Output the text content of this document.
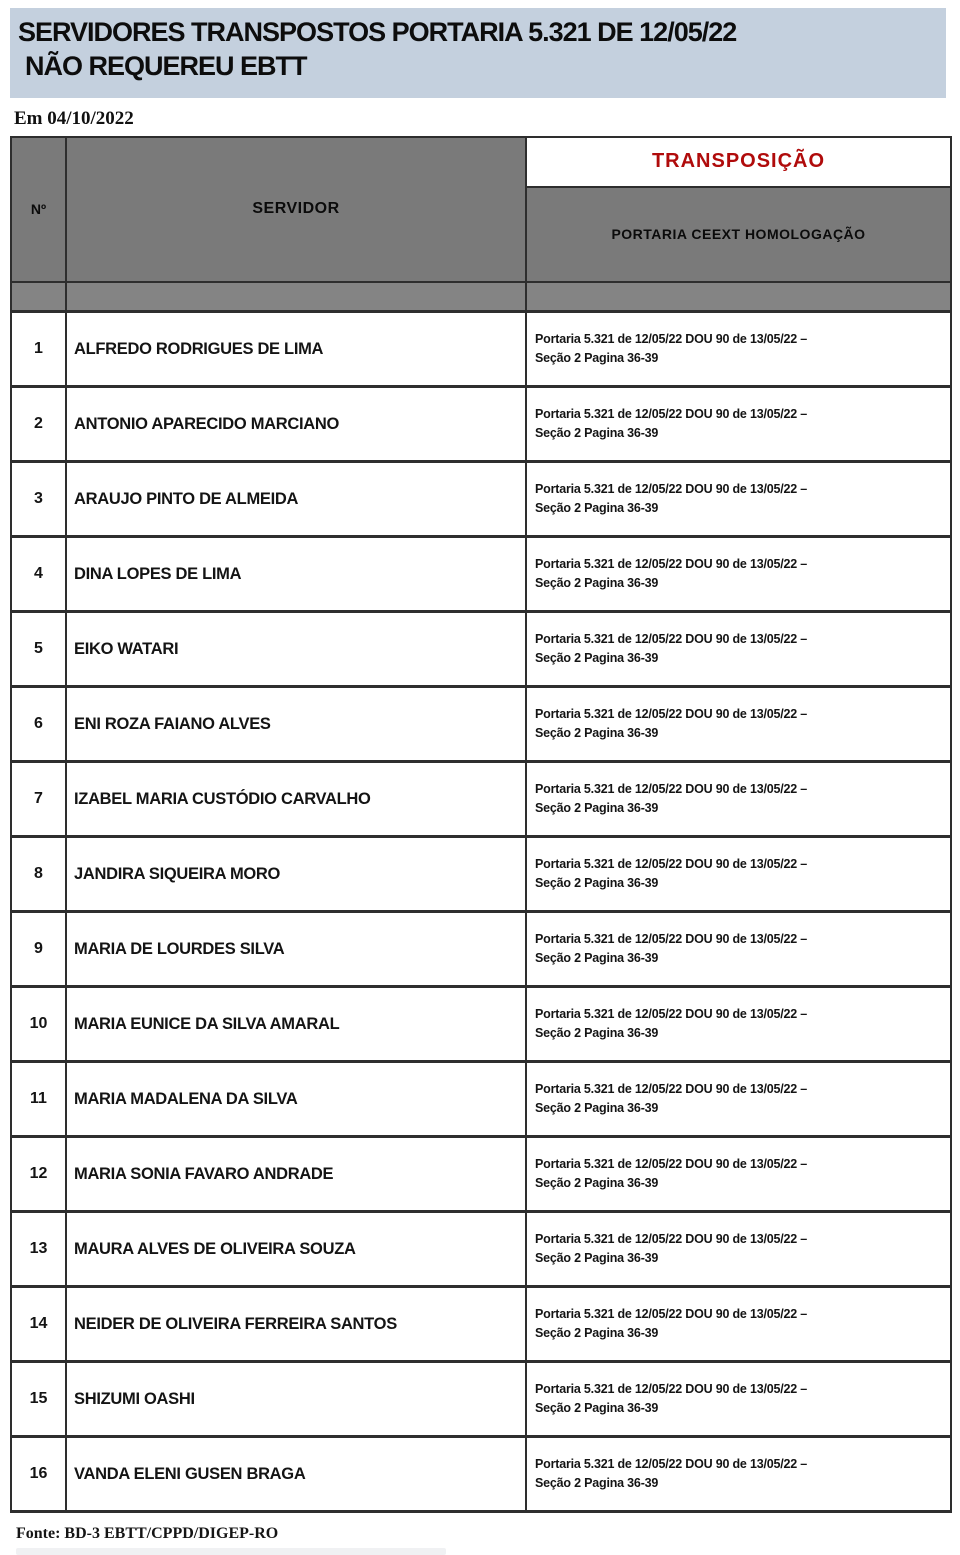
SERVIDORES TRANSPOSTOS PORTARIA 5.321 DE 12/05/22
NÃO REQUEREU EBTT
Em 04/10/2022
Nº	SERVIDOR	TRANSPOSIÇÃO
		PORTARIA CEEXT HOMOLOGAÇÃO

1	ALFREDO RODRIGUES DE LIMA	Portaria 5.321 de 12/05/22 DOU 90 de 13/05/22 –
Seção 2 Pagina 36-39

2	ANTONIO APARECIDO MARCIANO	Portaria 5.321 de 12/05/22 DOU 90 de 13/05/22 –
Seção 2 Pagina 36-39

3	ARAUJO PINTO DE ALMEIDA	Portaria 5.321 de 12/05/22 DOU 90 de 13/05/22 –
Seção 2 Pagina 36-39

4	DINA LOPES DE LIMA	Portaria 5.321 de 12/05/22 DOU 90 de 13/05/22 –
Seção 2 Pagina 36-39

5	EIKO WATARI	Portaria 5.321 de 12/05/22 DOU 90 de 13/05/22 –
Seção 2 Pagina 36-39

6	ENI ROZA FAIANO ALVES	Portaria 5.321 de 12/05/22 DOU 90 de 13/05/22 –
Seção 2 Pagina 36-39

7	IZABEL MARIA CUSTÓDIO CARVALHO	Portaria 5.321 de 12/05/22 DOU 90 de 13/05/22 –
Seção 2 Pagina 36-39

8	JANDIRA SIQUEIRA MORO	Portaria 5.321 de 12/05/22 DOU 90 de 13/05/22 –
Seção 2 Pagina 36-39

9	MARIA DE LOURDES SILVA	Portaria 5.321 de 12/05/22 DOU 90 de 13/05/22 –
Seção 2 Pagina 36-39

10	MARIA EUNICE DA SILVA AMARAL	Portaria 5.321 de 12/05/22 DOU 90 de 13/05/22 –
Seção 2 Pagina 36-39

11	MARIA MADALENA DA SILVA	Portaria 5.321 de 12/05/22 DOU 90 de 13/05/22 –
Seção 2 Pagina 36-39

12	MARIA SONIA FAVARO ANDRADE	Portaria 5.321 de 12/05/22 DOU 90 de 13/05/22 –
Seção 2 Pagina 36-39

13	MAURA ALVES DE OLIVEIRA SOUZA	Portaria 5.321 de 12/05/22 DOU 90 de 13/05/22 –
Seção 2 Pagina 36-39

14	NEIDER DE OLIVEIRA FERREIRA SANTOS	Portaria 5.321 de 12/05/22 DOU 90 de 13/05/22 –
Seção 2 Pagina 36-39

15	SHIZUMI OASHI	Portaria 5.321 de 12/05/22 DOU 90 de 13/05/22 –
Seção 2 Pagina 36-39

16	VANDA ELENI GUSEN BRAGA	Portaria 5.321 de 12/05/22 DOU 90 de 13/05/22 –
Seção 2 Pagina 36-39
Fonte: BD-3 EBTT/CPPD/DIGEP-RO
